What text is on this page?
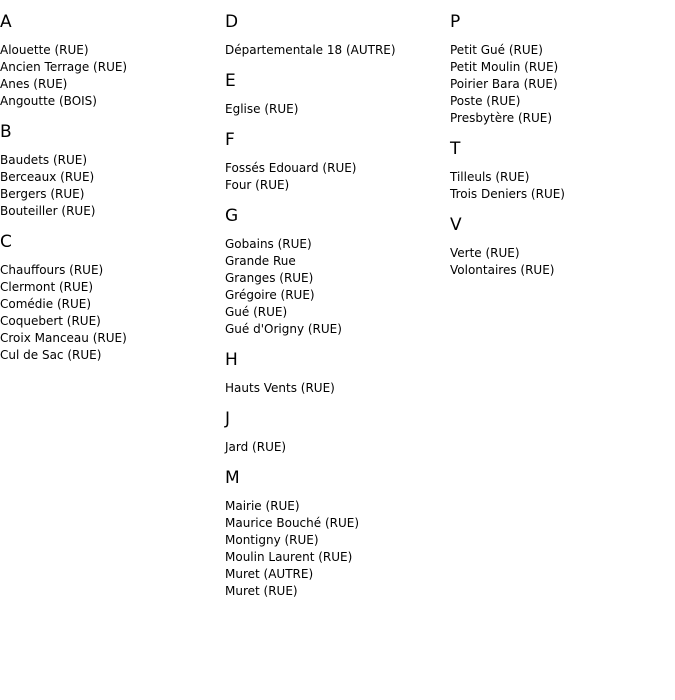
A
Alouette (RUE)
Ancien Terrage (RUE)
Anes (RUE)
Angoutte (BOIS)
B
Baudets (RUE)
Berceaux (RUE)
Bergers (RUE)
Bouteiller (RUE)
C
Chauffours (RUE)
Clermont (RUE)
Comédie (RUE)
Coquebert (RUE)
Croix Manceau (RUE)
Cul de Sac (RUE)
D
Départementale 18 (AUTRE)
E
Eglise (RUE)
F
Fossés Edouard (RUE)
Four (RUE)
G
Gobains (RUE)
Grande Rue
Granges (RUE)
Grégoire (RUE)
Gué (RUE)
Gué d'Origny (RUE)
H
Hauts Vents (RUE)
J
Jard (RUE)
M
Mairie (RUE)
Maurice Bouché (RUE)
Montigny (RUE)
Moulin Laurent (RUE)
Muret (AUTRE)
Muret (RUE)
P
Petit Gué (RUE)
Petit Moulin (RUE)
Poirier Bara (RUE)
Poste (RUE)
Presbytère (RUE)
T
Tilleuls (RUE)
Trois Deniers (RUE)
V
Verte (RUE)
Volontaires (RUE)
